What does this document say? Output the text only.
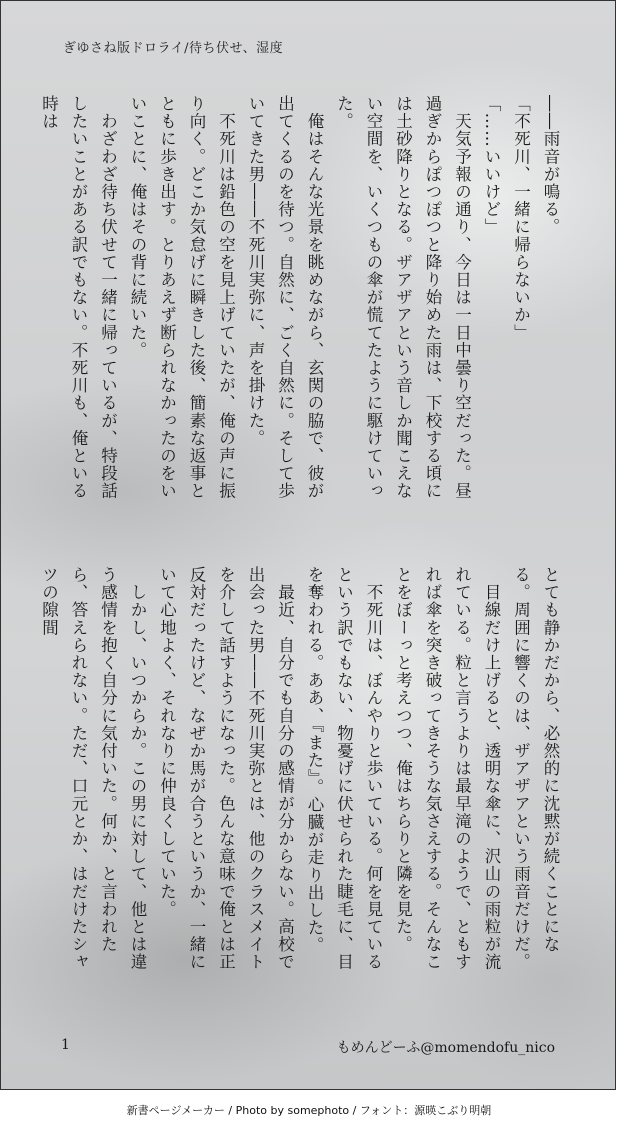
ぎゆさね版ドロライ/待ち伏せ、湿度

――雨音が鳴る。

「不死川、一緒に帰らないか」

「……いいけど」

　天気予報の通り、今日は一日中曇り空だった。昼過ぎからぽつぽつと降り始めた雨は、下校する頃には土砂降りとなる。ザアザアという音しか聞こえない空間を、いくつもの傘が慌てたように駆けていった。

　俺はそんな光景を眺めながら、玄関の脇で、彼が出てくるのを待つ。自然に、ごく自然に。そして歩いてきた男――不死川実弥に、声を掛けた。

　不死川は鉛色の空を見上げていたが、俺の声に振り向く。どこか気怠げに瞬きした後、簡素な返事とともに歩き出す。とりあえず断られなかったのをいいことに、俺はその背に続いた。

　わざわざ待ち伏せて一緒に帰っているが、特段話したいことがある訳でもない。不死川も、俺といる時は

とても静かだから、必然的に沈黙が続くことになる。周囲に響くのは、ザアザアという雨音だけだ。

　目線だけ上げると、透明な傘に、沢山の雨粒が流れている。粒と言うよりは最早滝のようで、ともすれば傘を突き破ってきそうな気さえする。そんなことをぼーっと考えつつ、俺はちらりと隣を見た。

　不死川は、ぼんやりと歩いている。何を見ているという訳でもない、物憂げに伏せられた睫毛に、目を奪われる。ああ、『また』。心臓が走り出した。

　最近、自分でも自分の感情が分からない。高校で出会った男――不死川実弥とは、他のクラスメイトを介して話すようになった。色んな意味で俺とは正反対だったけど、なぜか馬が合うというか、一緒にいて心地よく、それなりに仲良くしていた。

　しかし、いつからか。この男に対して、他とは違う感情を抱く自分に気付いた。何か、と言われたら、答えられない。ただ、口元とか、はだけたシャツの隙間

1	もめんどーふ@momendofu_nico
新書ページメーカー / Photo by somephoto / フォント：源暎こぶり明朝
